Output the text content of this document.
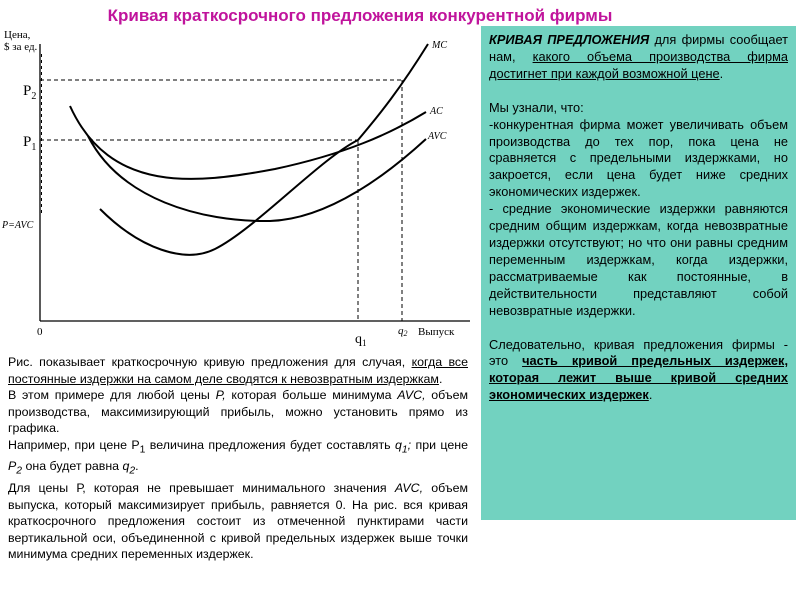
Кривая краткосрочного предложения конкурентной фирмы
Цена,
$ за ед.
Выпуск
0
MC
AC
AVC
$P_2$
$P_1$
P=AVC
$q_1$
q2

Рис. показывает краткосрочную кривую предложения для случая, когда все постоянные издержки на самом деле сводятся к невозвратным издержкам.

В этом примере для любой цены P, которая больше минимума AVC, объем производства, максимизирующий прибыль, можно установить прямо из графика.

Например, при цене $Р_1$ величина предложения будет составлять $q_1$; при цене $Р_2$ она будет равна $q_2$.

Для цены Р, которая не превышает минимального значения AVC, объем выпуска, который максимизирует прибыль, равняется 0. На рис. вся кривая краткосрочного предложения состоит из отмеченной пунктирами части вертикальной оси, объединенной с кривой предельных издержек выше точки минимума средних переменных издержек.

КРИВАЯ ПРЕДЛОЖЕНИЯ для фирмы сообщает нам, какого объема производства фирма достигнет при каждой возможной цене.

Мы узнали, что:

-конкурентная фирма может увеличивать объем производства до тех пор, пока цена не сравняется с предельными издержками, но закроется, если цена будет ниже средних экономических издержек.

- средние экономические издержки равняются средним общим издержкам, когда невозвратные издержки отсутствуют; но что они равны средним переменным издержкам, когда издержки, рассматриваемые как постоянные, в действительности представляют собой невозвратные издержки.

Следовательно, кривая предложения фирмы - это часть кривой предельных издержек, которая лежит выше кривой средних экономических издержек.
